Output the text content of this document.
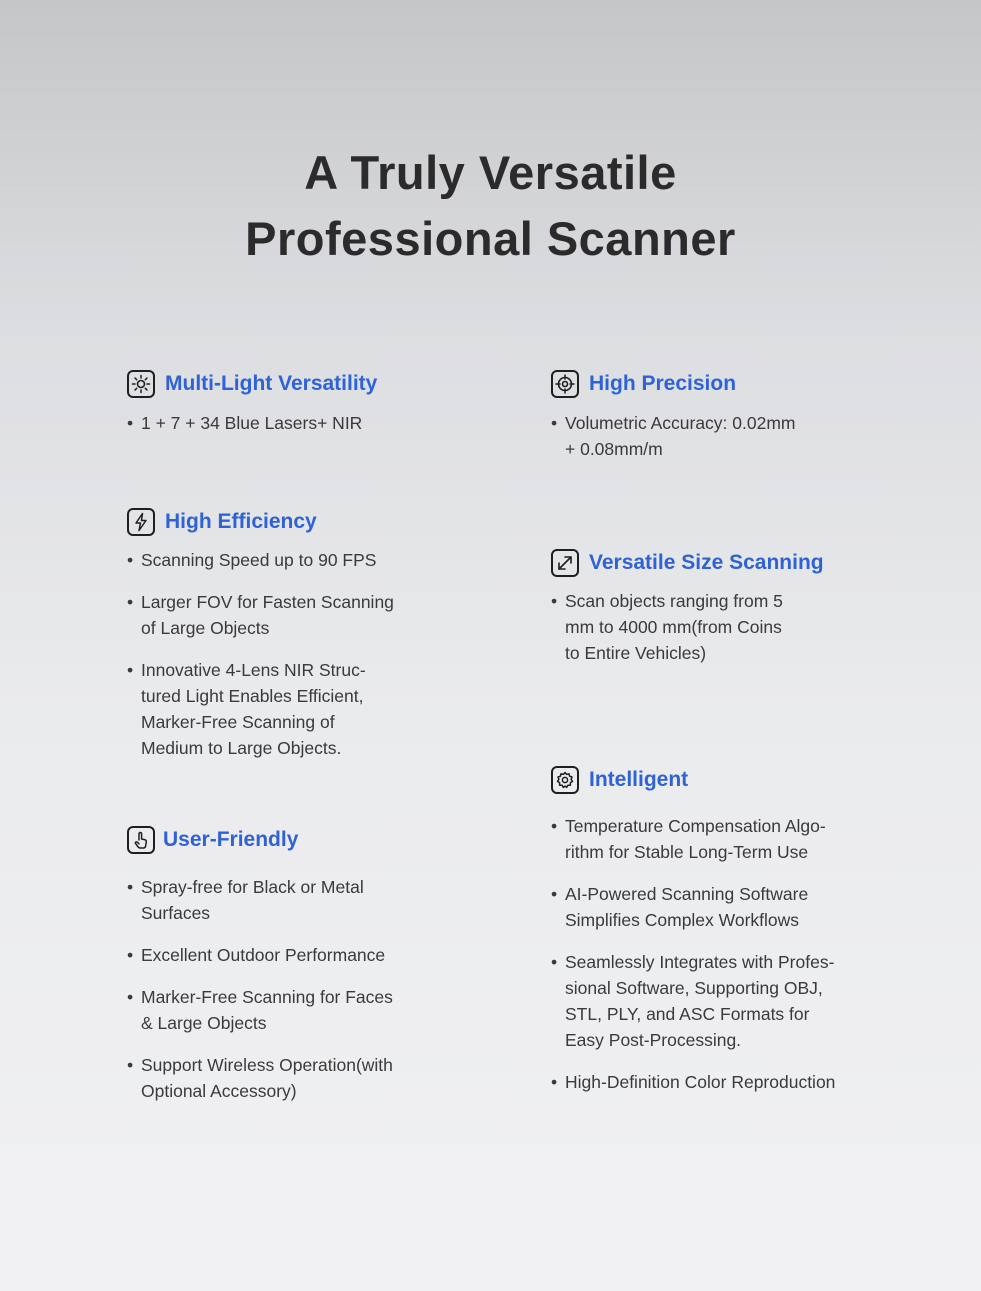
A Truly Versatile
Professional Scanner
Multi-Light Versatility
• 1 + 7 + 34 Blue Lasers+ NIR
High Precision
• Volumetric Accuracy: 0.02mm
+ 0.08mm/m
High Efficiency
• Scanning Speed up to 90 FPS
• Larger FOV for Fasten Scanning
of Large Objects
• Innovative 4-Lens NIR Struc-
tured Light Enables Efficient,
Marker-Free Scanning of
Medium to Large Objects.
Versatile Size Scanning
• Scan objects ranging from 5
mm to 4000 mm(from Coins
to Entire Vehicles)
User-Friendly
• Spray-free for Black or Metal
Surfaces
• Excellent Outdoor Performance
• Marker-Free Scanning for Faces
& Large Objects
• Support Wireless Operation(with
Optional Accessory)
Intelligent
• Temperature Compensation Algo-
rithm for Stable Long-Term Use
• AI-Powered Scanning Software
Simplifies Complex Workflows
• Seamlessly Integrates with Profes-
sional Software, Supporting OBJ,
STL, PLY, and ASC Formats for
Easy Post-Processing.
• High-Definition Color Reproduction
